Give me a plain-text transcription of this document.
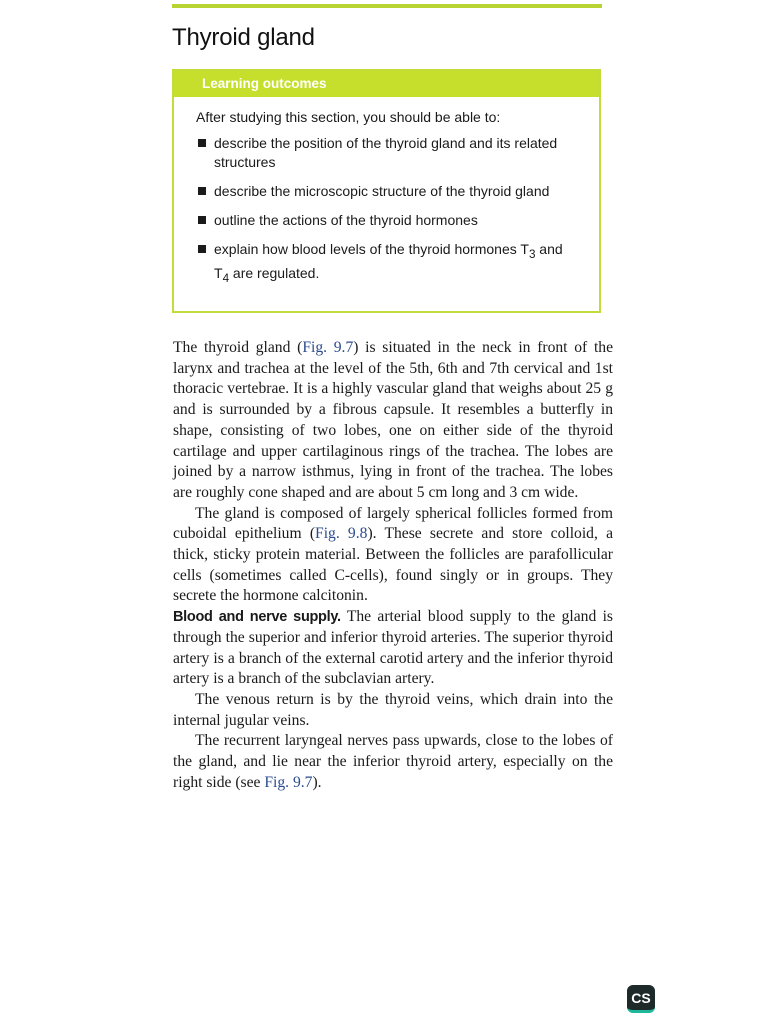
Thyroid gland
Learning outcomes
After studying this section, you should be able to:
describe the position of the thyroid gland and its related structures
describe the microscopic structure of the thyroid gland
outline the actions of the thyroid hormones
explain how blood levels of the thyroid hormones $T_3$ and $T_4$ are regulated.

The thyroid gland (Fig. 9.7) is situated in the neck in front of the larynx and trachea at the level of the 5th, 6th and 7th cervical and 1st thoracic vertebrae. It is a highly vascular gland that weighs about 25 g and is surrounded by a fibrous capsule. It resembles a butterfly in shape, consisting of two lobes, one on either side of the thyroid cartilage and upper cartilaginous rings of the trachea. The lobes are joined by a narrow isthmus, lying in front of the trachea. The lobes are roughly cone shaped and are about 5 cm long and 3 cm wide.

The gland is composed of largely spherical follicles formed from cuboidal epithelium (Fig. 9.8). These secrete and store colloid, a thick, sticky protein material. Between the follicles are parafollicular cells (sometimes called C-cells), found singly or in groups. They secrete the hormone calcitonin.

Blood and nerve supply. The arterial blood supply to the gland is through the superior and inferior thyroid arteries. The superior thyroid artery is a branch of the external carotid artery and the inferior thyroid artery is a branch of the subclavian artery.

The venous return is by the thyroid veins, which drain into the internal jugular veins.

The recurrent laryngeal nerves pass upwards, close to the lobes of the gland, and lie near the inferior thyroid artery, especially on the right side (see Fig. 9.7).

CS
